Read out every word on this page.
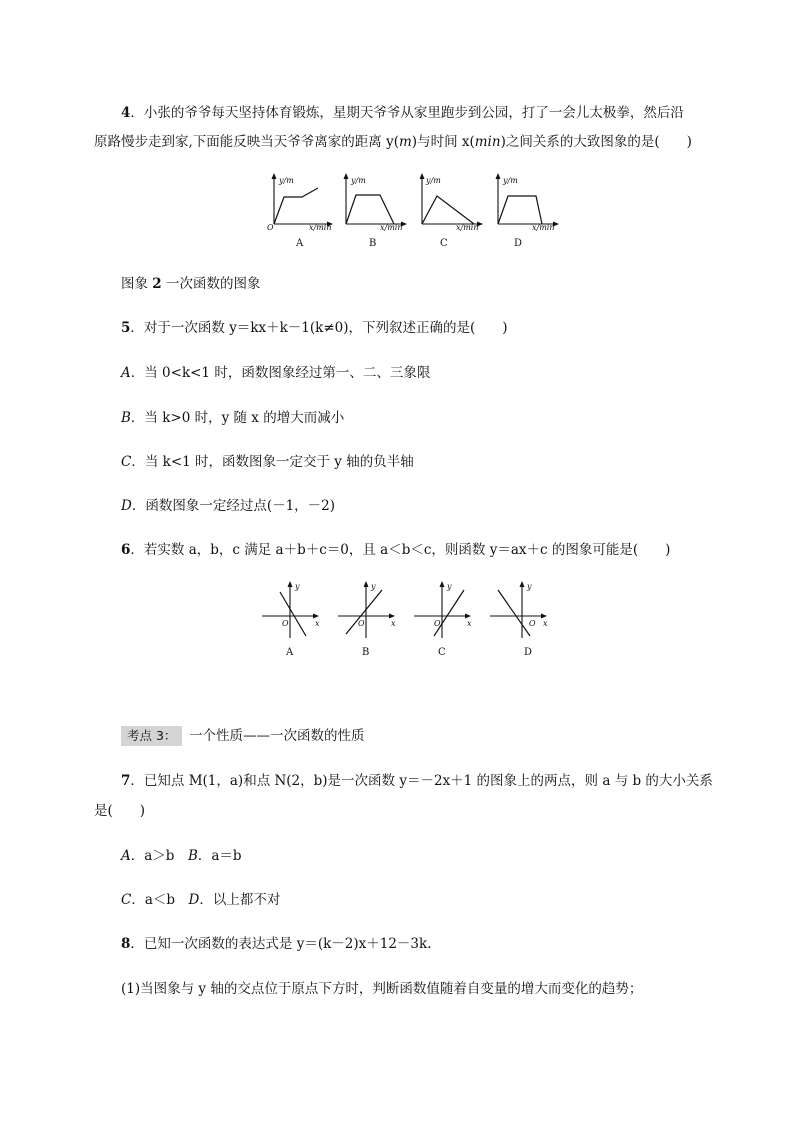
4．小张的爷爷每天坚持体育锻炼，星期天爷爷从家里跑步到公园，打了一会儿太极拳，然后沿
原路慢步走到家,下面能反映当天爷爷离家的距离 y(m)与时间 x(min)之间关系的大致图象的是(　　)
y/m
O	x/min
A
y/m
x/min
B
y/m
x/min
C
y/m
x/min
D
图象 2 一次函数的图象
5．对于一次函数 y＝kx＋k－1(k≠0)，下列叙述正确的是(　　)
A．当 0<k<1 时，函数图象经过第一、二、三象限
B．当 k>0 时，y 随 x 的增大而减小
C．当 k<1 时，函数图象一定交于 y 轴的负半轴
D．函数图象一定经过点(－1，－2)
6．若实数 a，b，c 满足 a＋b＋c＝0，且 a＜b＜c，则函数 y＝ax＋c 的图象可能是(　　)
y
x
O
A
y
x
O
B
y
x
O
C
y
x
O
D
考点 3： 一个性质——一次函数的性质
7．已知点 M(1，a)和点 N(2，b)是一次函数 y＝－2x＋1 的图象上的两点，则 a 与 b 的大小关系
是(　　)
A．a＞b　B．a＝b
C．a＜b　D．以上都不对
8．已知一次函数的表达式是 y＝(k－2)x＋12－3k.
(1)当图象与 y 轴的交点位于原点下方时，判断函数值随着自变量的增大而变化的趋势；
